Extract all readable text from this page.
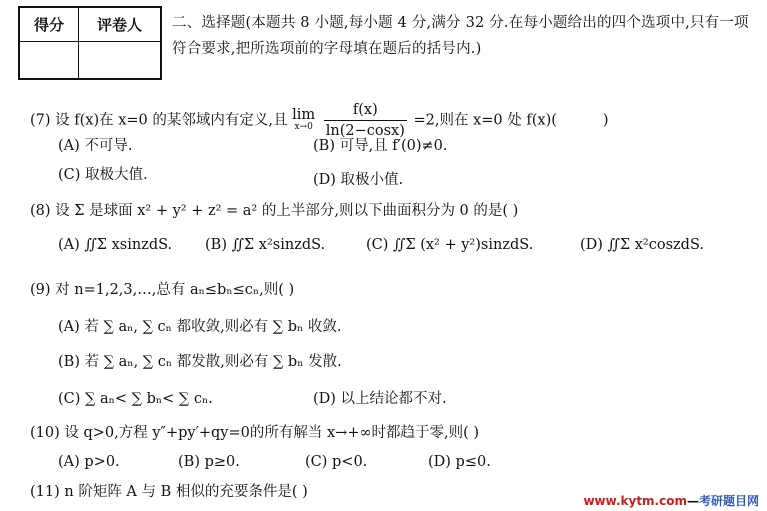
得分	评卷人	二、选择题(本题共 8 小题,每小题 4 分,满分 32 分.在每小题给出的四个选项中,只有一项符合要求,把所选项前的字母填在题后的括号内.)
(7) 设 f(x)在 x=0 的某邻域内有定义,且 lim
x→0
$\frac{f(x)}{\ln(2-\cos x)} =2$,则在 x=0 处 f(x)(	)
(A) 不可导.	(B) 可导,且 f′(0)≠0.
(C) 取极大值.	(D) 取极小值.
(8) 设 Σ 是球面 x² + y² + z² = a² 的上半部分,则以下曲面积分为 0 的是( )
(A) ∬Σ xsinzdS. (B) ∬Σ x²sinzdS.	(C) ∬Σ (x² + y²)sinzdS.	(D) ∬Σ x²coszdS.
(9) 对 n=1,2,3,…,总有 aₙ≤bₙ≤cₙ,则( )
(A) 若 ∑ aₙ, ∑ cₙ 都收敛,则必有 ∑ bₙ 收敛.
(B) 若 ∑ aₙ, ∑ cₙ 都发散,则必有 ∑ bₙ 发散.
(C) ∑ aₙ< ∑ bₙ< ∑ cₙ.	(D) 以上结论都不对.
(10) 设 q>0,方程 y″+py′+qy=0的所有解当 x→+∞时都趋于零,则( )
(A) p>0.	(B) p≥0.	(C) p<0.	(D) p≤0.
(11) n 阶矩阵 A 与 B 相似的充要条件是( )
www.kytm.com—考研题目网
